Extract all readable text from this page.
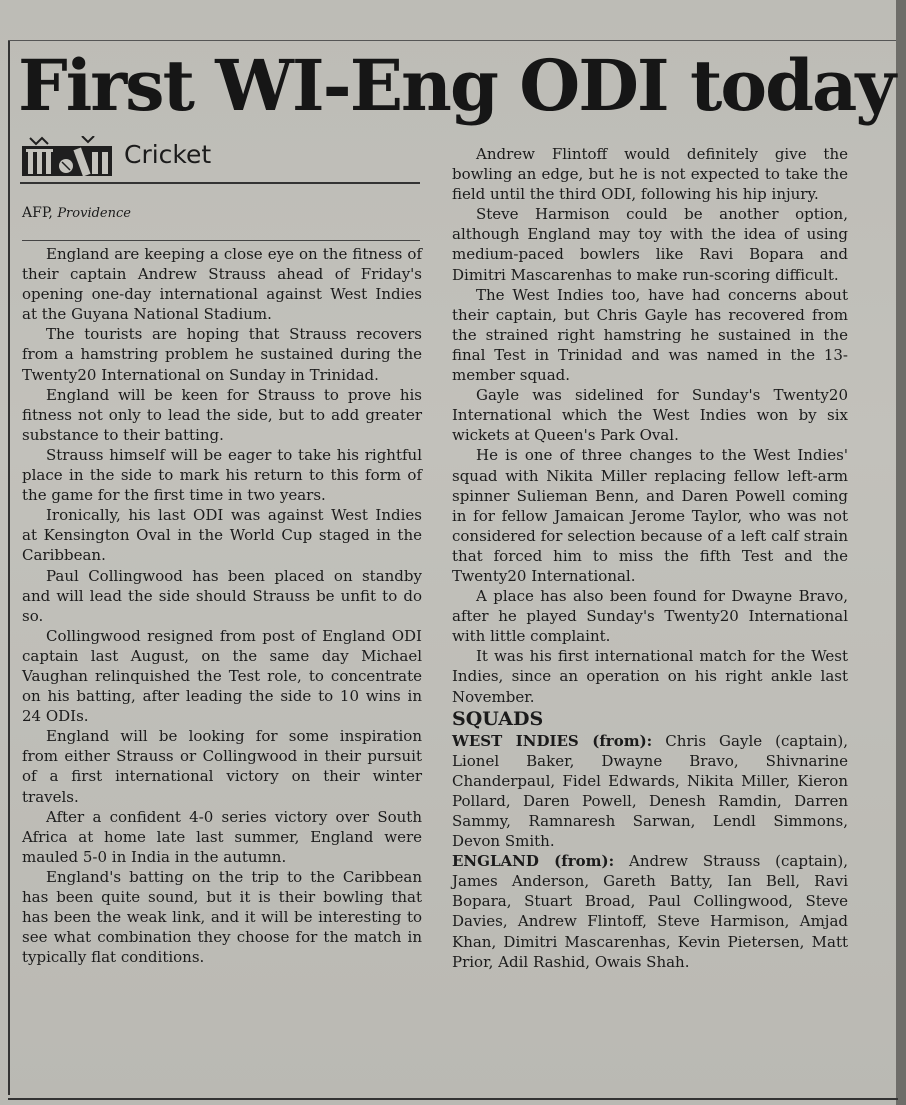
First WI-Eng ODI today
Cricket
AFP, Providence

England are keeping a close eye on the fitness of their captain Andrew Strauss ahead of Friday's opening one-day international against West Indies at the Guyana National Stadium.

The tourists are hoping that Strauss recovers from a hamstring problem he sustained during the Twenty20 International on Sunday in Trinidad.

England will be keen for Strauss to prove his fitness not only to lead the side, but to add greater substance to their batting.

Strauss himself will be eager to take his rightful place in the side to mark his return to this form of the game for the first time in two years.

Ironically, his last ODI was against West Indies at Kensington Oval in the World Cup staged in the Caribbean.

Paul Collingwood has been placed on standby and will lead the side should Strauss be unfit to do so.

Collingwood resigned from post of England ODI captain last August, on the same day Michael Vaughan relinquished the Test role, to concentrate on his batting, after leading the side to 10 wins in 24 ODIs.

England will be looking for some inspiration from either Strauss or Collingwood in their pursuit of a first international victory on their winter travels.

After a confident 4-0 series victory over South Africa at home late last summer, England were mauled 5-0 in India in the autumn.

England's batting on the trip to the Caribbean has been quite sound, but it is their bowling that has been the weak link, and it will be interesting to see what combination they choose for the match in typically flat conditions.

Andrew Flintoff would definitely give the bowling an edge, but he is not expected to take the field until the third ODI, following his hip injury.

Steve Harmison could be another option, although England may toy with the idea of using medium-paced bowlers like Ravi Bopara and Dimitri Mascarenhas to make run-scoring difficult.

The West Indies too, have had concerns about their captain, but Chris Gayle has recovered from the strained right hamstring he sustained in the final Test in Trinidad and was named in the 13-member squad.

Gayle was sidelined for Sunday's Twenty20 International which the West Indies won by six wickets at Queen's Park Oval.

He is one of three changes to the West Indies' squad with Nikita Miller replacing fellow left-arm spinner Sulieman Benn, and Daren Powell coming in for fellow Jamaican Jerome Taylor, who was not considered for selection because of a left calf strain that forced him to miss the fifth Test and the Twenty20 International.

A place has also been found for Dwayne Bravo, after he played Sunday's Twenty20 International with little complaint.

It was his first international match for the West Indies, since an operation on his right ankle last November.

SQUADS

WEST INDIES (from): Chris Gayle (captain), Lionel Baker, Dwayne Bravo, Shivnarine Chanderpaul, Fidel Edwards, Nikita Miller, Kieron Pollard, Daren Powell, Denesh Ramdin, Darren Sammy, Ramnaresh Sarwan, Lendl Simmons, Devon Smith.

ENGLAND (from): Andrew Strauss (captain), James Anderson, Gareth Batty, Ian Bell, Ravi Bopara, Stuart Broad, Paul Collingwood, Steve Davies, Andrew Flintoff, Steve Harmison, Amjad Khan, Dimitri Mascarenhas, Kevin Pietersen, Matt Prior, Adil Rashid, Owais Shah.
